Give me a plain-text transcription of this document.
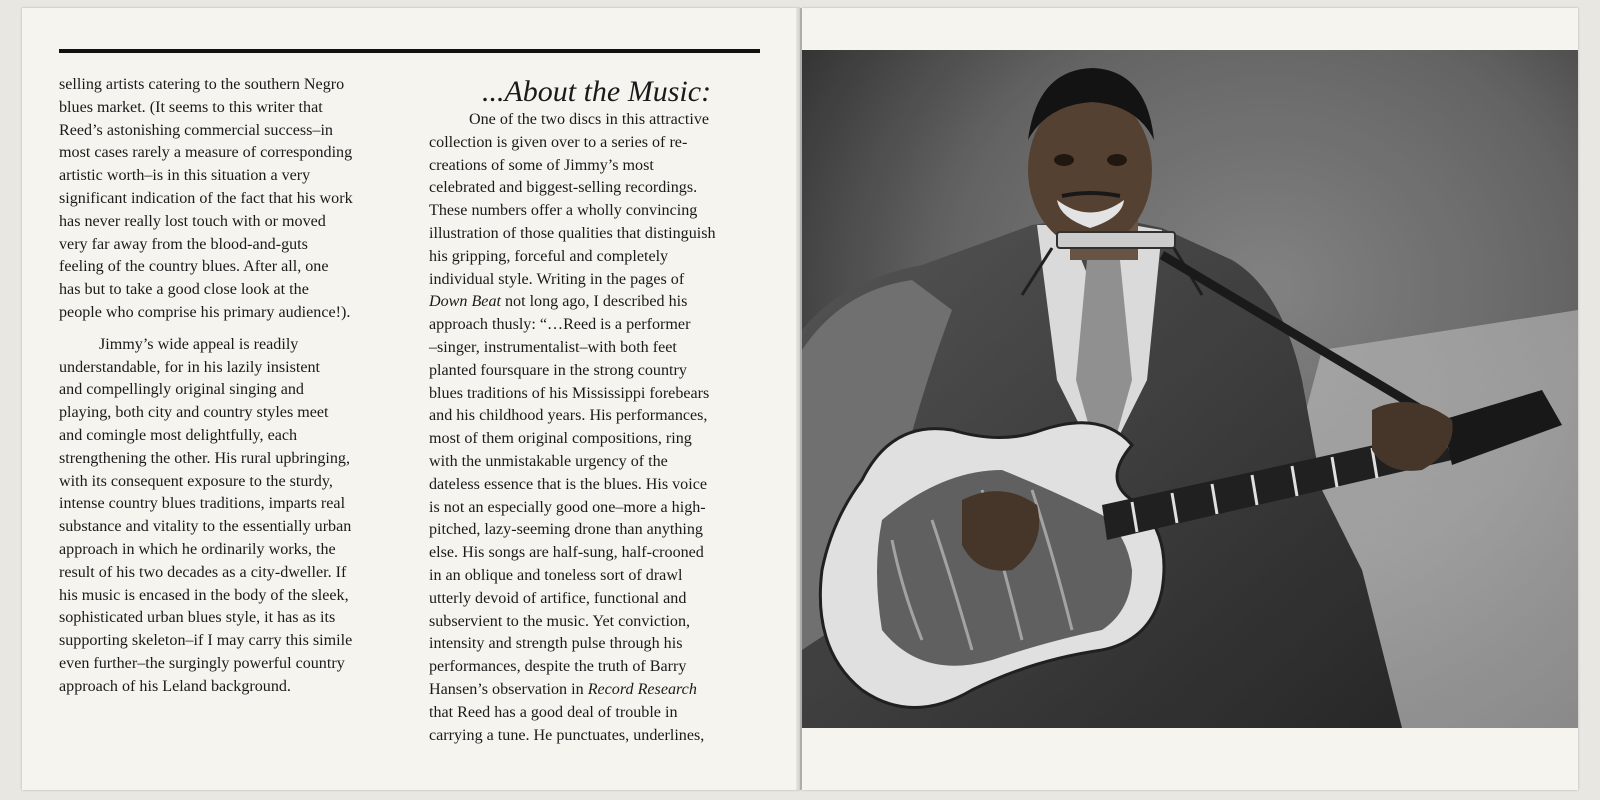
selling artists catering to the southern Negro
blues market. (It seems to this writer that
Reed’s astonishing commercial success–in
most cases rarely a measure of corresponding
artistic worth–is in this situation a very
significant indication of the fact that his work
has never really lost touch with or moved
very far away from the blood-and-guts
feeling of the country blues. After all, one
has but to take a good close look at the
people who comprise his primary audience!).

Jimmy’s wide appeal is readily
understandable, for in his lazily insistent
and compellingly original singing and
playing, both city and country styles meet
and comingle most delightfully, each
strengthening the other. His rural upbringing,
with its consequent exposure to the sturdy,
intense country blues traditions, imparts real
substance and vitality to the essentially urban
approach in which he ordinarily works, the
result of his two decades as a city-dweller. If
his music is encased in the body of the sleek,
sophisticated urban blues style, it has as its
supporting skeleton–if I may carry this simile
even further–the surgingly powerful country
approach of his Leland background.

...About the Music:
One of the two discs in this attractive
collection is given over to a series of re-
creations of some of Jimmy’s most
celebrated and biggest-selling recordings.
These numbers offer a wholly convincing
illustration of those qualities that distinguish
his gripping, forceful and completely
individual style. Writing in the pages of
Down Beat not long ago, I described his
approach thusly: “…Reed is a performer
–singer, instrumentalist–with both feet
planted foursquare in the strong country
blues traditions of his Mississippi forebears
and his childhood years. His performances,
most of them original compositions, ring
with the unmistakable urgency of the
dateless essence that is the blues. His voice
is not an especially good one–more a high-
pitched, lazy-seeming drone than anything
else. His songs are half-sung, half-crooned
in an oblique and toneless sort of drawl
utterly devoid of artifice, functional and
subservient to the music. Yet conviction,
intensity and strength pulse through his
performances, despite the truth of Barry
Hansen’s observation in Record Research
that Reed has a good deal of trouble in
carrying a tune. He punctuates, underlines,
